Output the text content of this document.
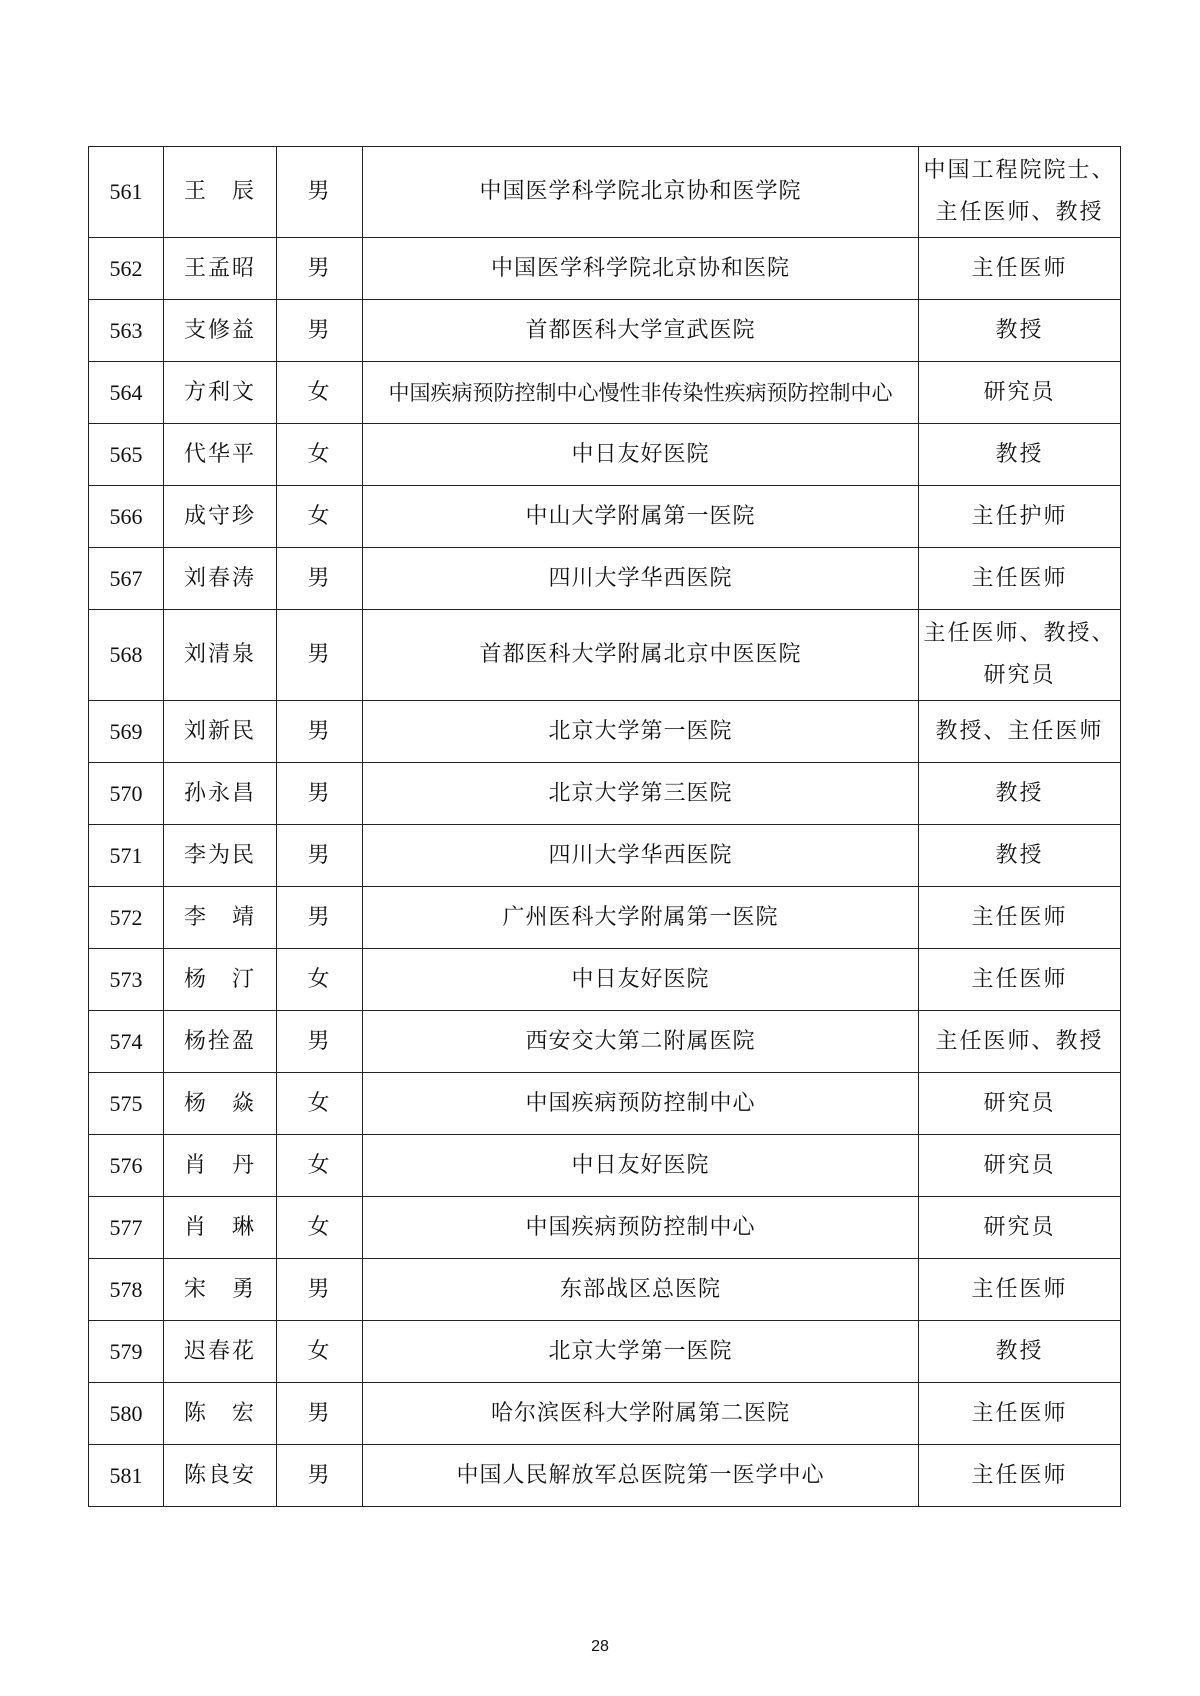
561	王　辰	男	中国医学科学院北京协和医学院	中国工程院院士、
主任医师、教授
562	王孟昭	男	中国医学科学院北京协和医院	主任医师
563	支修益	男	首都医科大学宣武医院	教授
564	方利文	女	中国疾病预防控制中心慢性非传染性疾病预防控制中心	研究员
565	代华平	女	中日友好医院	教授
566	成守珍	女	中山大学附属第一医院	主任护师
567	刘春涛	男	四川大学华西医院	主任医师
568	刘清泉	男	首都医科大学附属北京中医医院	主任医师、教授、
研究员
569	刘新民	男	北京大学第一医院	教授、主任医师
570	孙永昌	男	北京大学第三医院	教授
571	李为民	男	四川大学华西医院	教授
572	李　靖	男	广州医科大学附属第一医院	主任医师
573	杨　汀	女	中日友好医院	主任医师
574	杨拴盈	男	西安交大第二附属医院	主任医师、教授
575	杨　焱	女	中国疾病预防控制中心	研究员
576	肖　丹	女	中日友好医院	研究员
577	肖　琳	女	中国疾病预防控制中心	研究员
578	宋　勇	男	东部战区总医院	主任医师
579	迟春花	女	北京大学第一医院	教授
580	陈　宏	男	哈尔滨医科大学附属第二医院	主任医师
581	陈良安	男	中国人民解放军总医院第一医学中心	主任医师
28
